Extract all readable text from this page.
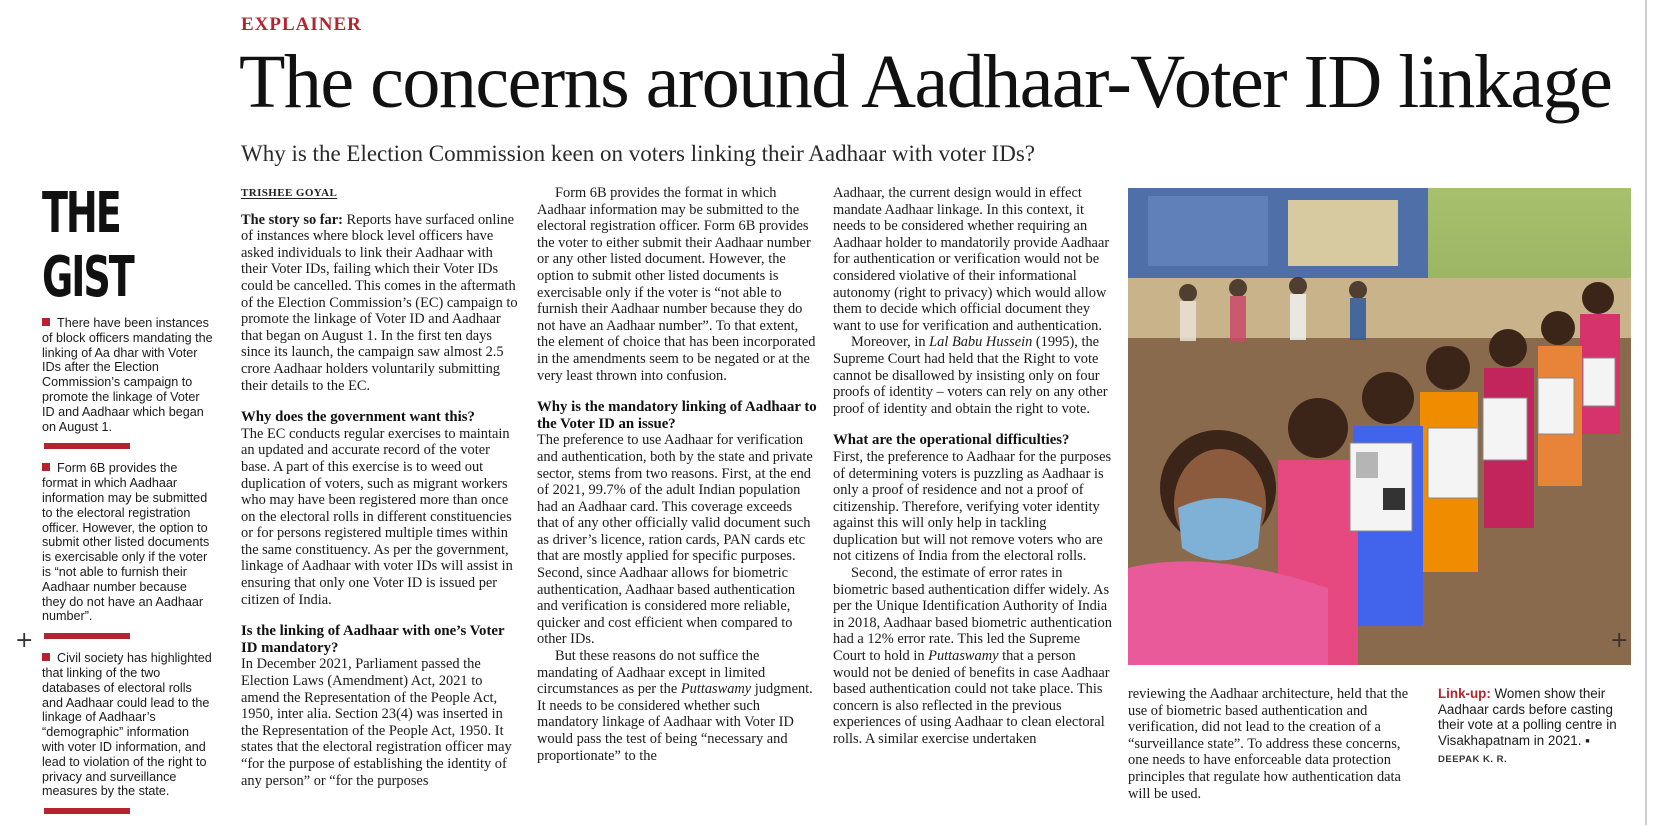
EXPLAINER
The concerns around Aadhaar-Voter ID linkage
Why is the Election Commission keen on voters linking their Aadhaar with voter IDs?
THE GIST
There have been instances of block officers mandating the linking of Aa dhar with Voter IDs after the Election Commission’s campaign to promote the linkage of Voter ID and Aadhaar which began on August 1.
Form 6B provides the format in which Aadhaar information may be submitted to the electoral registration officer. However, the option to submit other listed documents is exercisable only if the voter is “not able to furnish their Aadhaar number because they do not have an Aadhaar number”.
Civil society has highlighted that linking of the two databases of electoral rolls and Aadhaar could lead to the linkage of Aadhaar’s “demographic” information with voter ID information, and lead to violation of the right to privacy and surveillance measures by the state.
TRISHEE GOYAL

The story so far: Reports have surfaced online of instances where block level officers have asked individuals to link their Aadhaar with their Voter IDs, failing which their Voter IDs could be cancelled. This comes in the aftermath of the Election Commission’s (EC) campaign to promote the linkage of Voter ID and Aadhaar that began on August 1. In the first ten days since its launch, the campaign saw almost 2.5 crore Aadhaar holders voluntarily submitting their details to the EC.

Why does the government want this?

The EC conducts regular exercises to maintain an updated and accurate record of the voter base. A part of this exercise is to weed out duplication of voters, such as migrant workers who may have been registered more than once on the electoral rolls in different constituencies or for persons registered multiple times within the same constituency. As per the government, linkage of Aadhaar with voter IDs will assist in ensuring that only one Voter ID is issued per citizen of India.

Is the linking of Aadhaar with one’s Voter ID mandatory?

In December 2021, Parliament passed the Election Laws (Amendment) Act, 2021 to amend the Representation of the People Act, 1950, inter alia. Section 23(4) was inserted in the Representation of the People Act, 1950. It states that the electoral registration officer may “for the purpose of establishing the identity of any person” or “for the purposes

Form 6B provides the format in which Aadhaar information may be submitted to the electoral registration officer. Form 6B provides the voter to either submit their Aadhaar number or any other listed document. However, the option to submit other listed documents is exercisable only if the voter is “not able to furnish their Aadhaar number because they do not have an Aadhaar number”. To that extent, the element of choice that has been incorporated in the amendments seem to be negated or at the very least thrown into confusion.

Why is the mandatory linking of Aadhaar to the Voter ID an issue?

The preference to use Aadhaar for verification and authentication, both by the state and private sector, stems from two reasons. First, at the end of 2021, 99.7% of the adult Indian population had an Aadhaar card. This coverage exceeds that of any other officially valid document such as driver’s licence, ration cards, PAN cards etc that are mostly applied for specific purposes. Second, since Aadhaar allows for biometric authentication, Aadhaar based authentication and verification is considered more reliable, quicker and cost efficient when compared to other IDs.

But these reasons do not suffice the mandating of Aadhaar except in limited circumstances as per the Puttaswamy judgment. It needs to be considered whether such mandatory linkage of Aadhaar with Voter ID would pass the test of being “necessary and proportionate” to the

Aadhaar, the current design would in effect mandate Aadhaar linkage. In this context, it needs to be considered whether requiring an Aadhaar holder to mandatorily provide Aadhaar for authentication or verification would not be considered violative of their informational autonomy (right to privacy) which would allow them to decide which official document they want to use for verification and authentication.

Moreover, in Lal Babu Hussein (1995), the Supreme Court had held that the Right to vote cannot be disallowed by insisting only on four proofs of identity – voters can rely on any other proof of identity and obtain the right to vote.

What are the operational difficulties?

First, the preference to Aadhaar for the purposes of determining voters is puzzling as Aadhaar is only a proof of residence and not a proof of citizenship. Therefore, verifying voter identity against this will only help in tackling duplication but will not remove voters who are not citizens of India from the electoral rolls.

Second, the estimate of error rates in biometric based authentication differ widely. As per the Unique Identification Authority of India in 2018, Aadhaar based biometric authentication had a 12% error rate. This led the Supreme Court to hold in Puttaswamy that a person would not be denied of benefits in case Aadhaar based authentication could not take place. This concern is also reflected in the previous experiences of using Aadhaar to clean electoral rolls. A similar exercise undertaken

reviewing the Aadhaar architecture, held that the use of biometric based authentication and verification, did not lead to the creation of a “surveillance state”. To address these concerns, one needs to have enforceable data protection principles that regulate how authentication data will be used.

Link-up: Women show their Aadhaar cards before casting their vote at a polling centre in Visakhapatnam in 2021. ▪
DEEPAK K. R.
+	+
